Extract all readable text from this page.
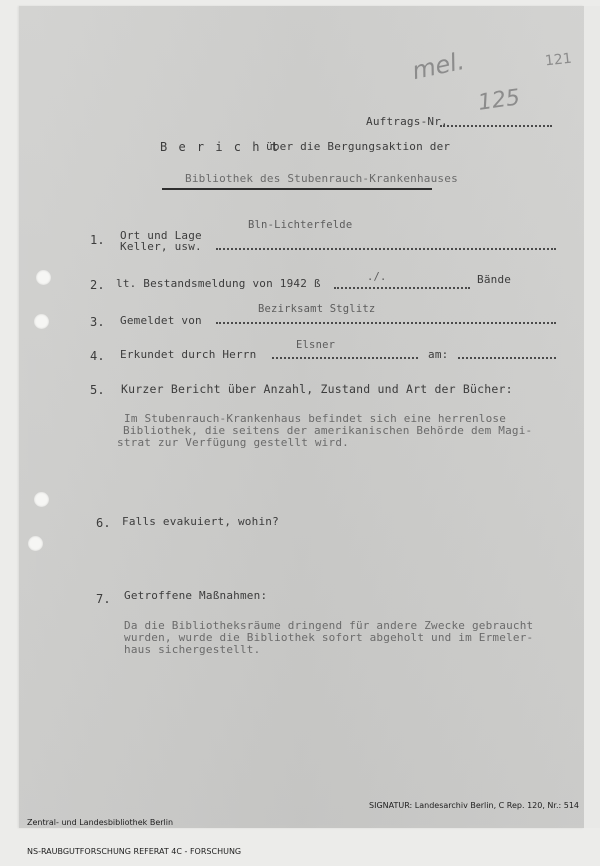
mel.	121
125
Auftrags-Nr.
B e r i c h t
über die Bergungsaktion der
Bibliothek des Stubenrauch-Krankenhauses
1. Ort und Lage
Keller, usw.
Bln-Lichterfelde
2. lt. Bestandsmeldung von 1942 ß	./.	Bände
3. Gemeldet von
Bezirksamt Stglitz
4. Erkundet durch Herrn
Elsner
am:
5. Kurzer Bericht über Anzahl, Zustand und Art der Bücher:
Im Stubenrauch-Krankenhaus befindet sich eine herrenlose
Bibliothek, die seitens der amerikanischen Behörde dem Magi-
strat zur Verfügung gestellt wird.
6. Falls evakuiert, wohin?
7. Getroffene Maßnahmen:
Da die Bibliotheksräume dringend für andere Zwecke gebraucht
wurden, wurde die Bibliothek sofort abgeholt und im Ermeler-
haus sichergestellt.

Zentral- und Landesbibliothek Berlin

NS-RAUBGUTFORSCHUNG REFERAT 4C - FORSCHUNG

SIGNATUR: Landesarchiv Berlin, C Rep. 120, Nr.: 514
